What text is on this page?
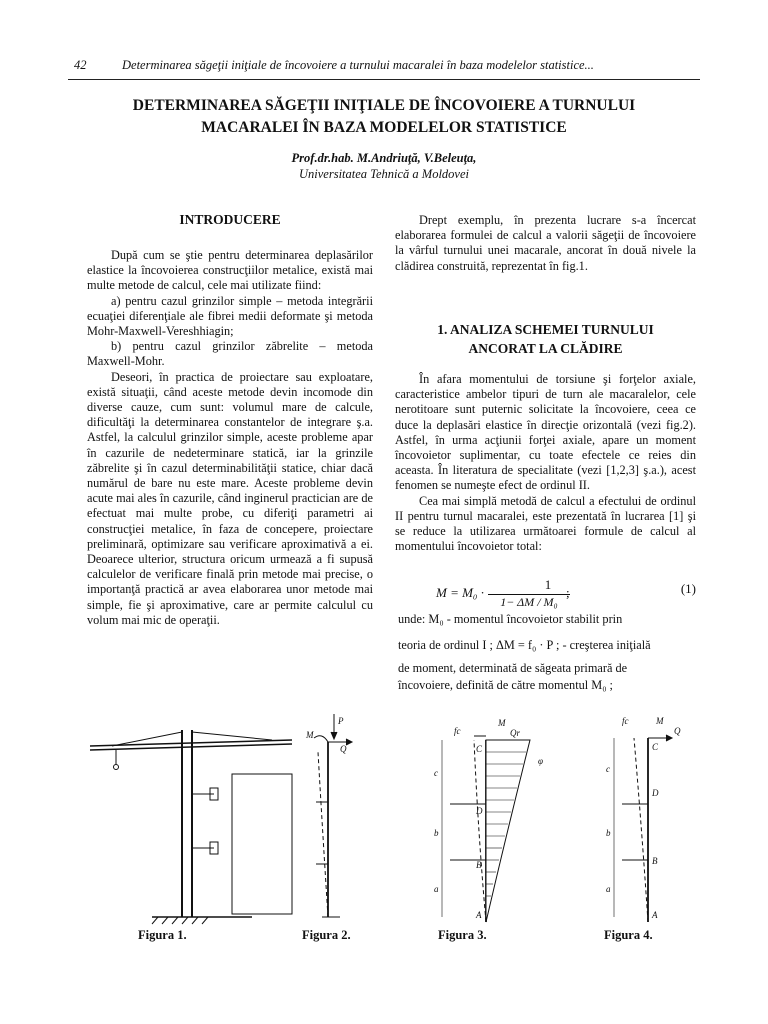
42	Determinarea săgeţii iniţiale de încovoiere a turnului macaralei în baza modelelor statistice...
DETERMINAREA SĂGEŢII INIŢIALE DE ÎNCOVOIERE A TURNULUI
MACARALEI ÎN BAZA MODELELOR STATISTICE
Prof.dr.hab. M.Andriuţă, V.Beleuţa,
Universitatea Tehnică a Moldovei
INTRODUCERE

După cum se ştie pentru determinarea deplasărilor elastice la încovoierea construcţiilor metalice, există mai multe metode de calcul, cele mai utilizate fiind:

a) pentru cazul grinzilor simple – metoda integrării ecuaţiei diferenţiale ale fibrei medii deformate şi metoda Mohr-Maxwell-Vereshhiagin;

b) pentru cazul grinzilor zăbrelite – metoda Maxwell-Mohr.

Deseori, în practica de proiectare sau exploatare, există situaţii, când aceste metode devin incomode din diverse cauze, cum sunt: volumul mare de calcule, dificultăţi la determinarea constantelor de integrare ş.a. Astfel, la calculul grinzilor simple, aceste probleme apar în cazurile de nedeterminare statică, iar la grinzile zăbrelite şi în cazul determinabilităţii statice, chiar dacă numărul de bare nu este mare. Aceste probleme devin acute mai ales în cazurile, când inginerul practician are de efectuat mai multe probe, cu diferiţi parametri ai construcţiei metalice, în faza de concepere, proiectare preliminară, optimizare sau verificare aproximativă a ei. Deoarece ulterior, structura oricum urmează a fi supusă calculelor de verificare finală prin metode mai precise, o importanţă practică ar avea elaborarea unor metode mai simple, fie şi aproximative, care ar permite calculul cu volum mai mic de operaţii.

Drept exemplu, în prezenta lucrare s-a încercat elaborarea formulei de calcul a valorii săgeţii de încovoiere la vârful turnului unei macarale, ancorat în două nivele la clădirea construită, reprezentat în fig.1.

1. ANALIZA SCHEMEI TURNULUI
ANCORAT LA CLĂDIRE

În afara momentului de torsiune şi forţelor axiale, caracteristice ambelor tipuri de turn ale macaralelor, cele nerotitoare sunt puternic solicitate la încovoiere, ceea ce duce la deplasări elastice în direcţie orizontală (vezi fig.2). Astfel, în urma acţiunii forţei axiale, apare un moment încovoietor suplimentar, cu toate efectele ce reies din aceasta. În literatura de specialitate (vezi [1,2,3] ş.a.), acest fenomen se numeşte efect de ordinul II.

Cea mai simplă metodă de calcul a efectului de ordinul II pentru turnul macaralei, este prezentată în lucrarea [1] şi se reduce la utilizarea următoarei formule de calcul al momentului încovoietor total:

M = M₀ ·
1
1− ΔM / M₀
;	(1)
unde: M₀ - momentul încovoietor stabilit prin
teoria de ordinul I ; ΔM = f₀ · P ; - creşterea iniţială
de moment, determinată de săgeata primară de
încovoiere, definită de către momentul M₀ ;
P
M
Q
fc
M
Qr
C
D
B
A
c
b
a
φ
fc	M
Q
C
D
B
A
c
b
a
Figura 1.	Figura 2.	Figura 3.	Figura 4.
